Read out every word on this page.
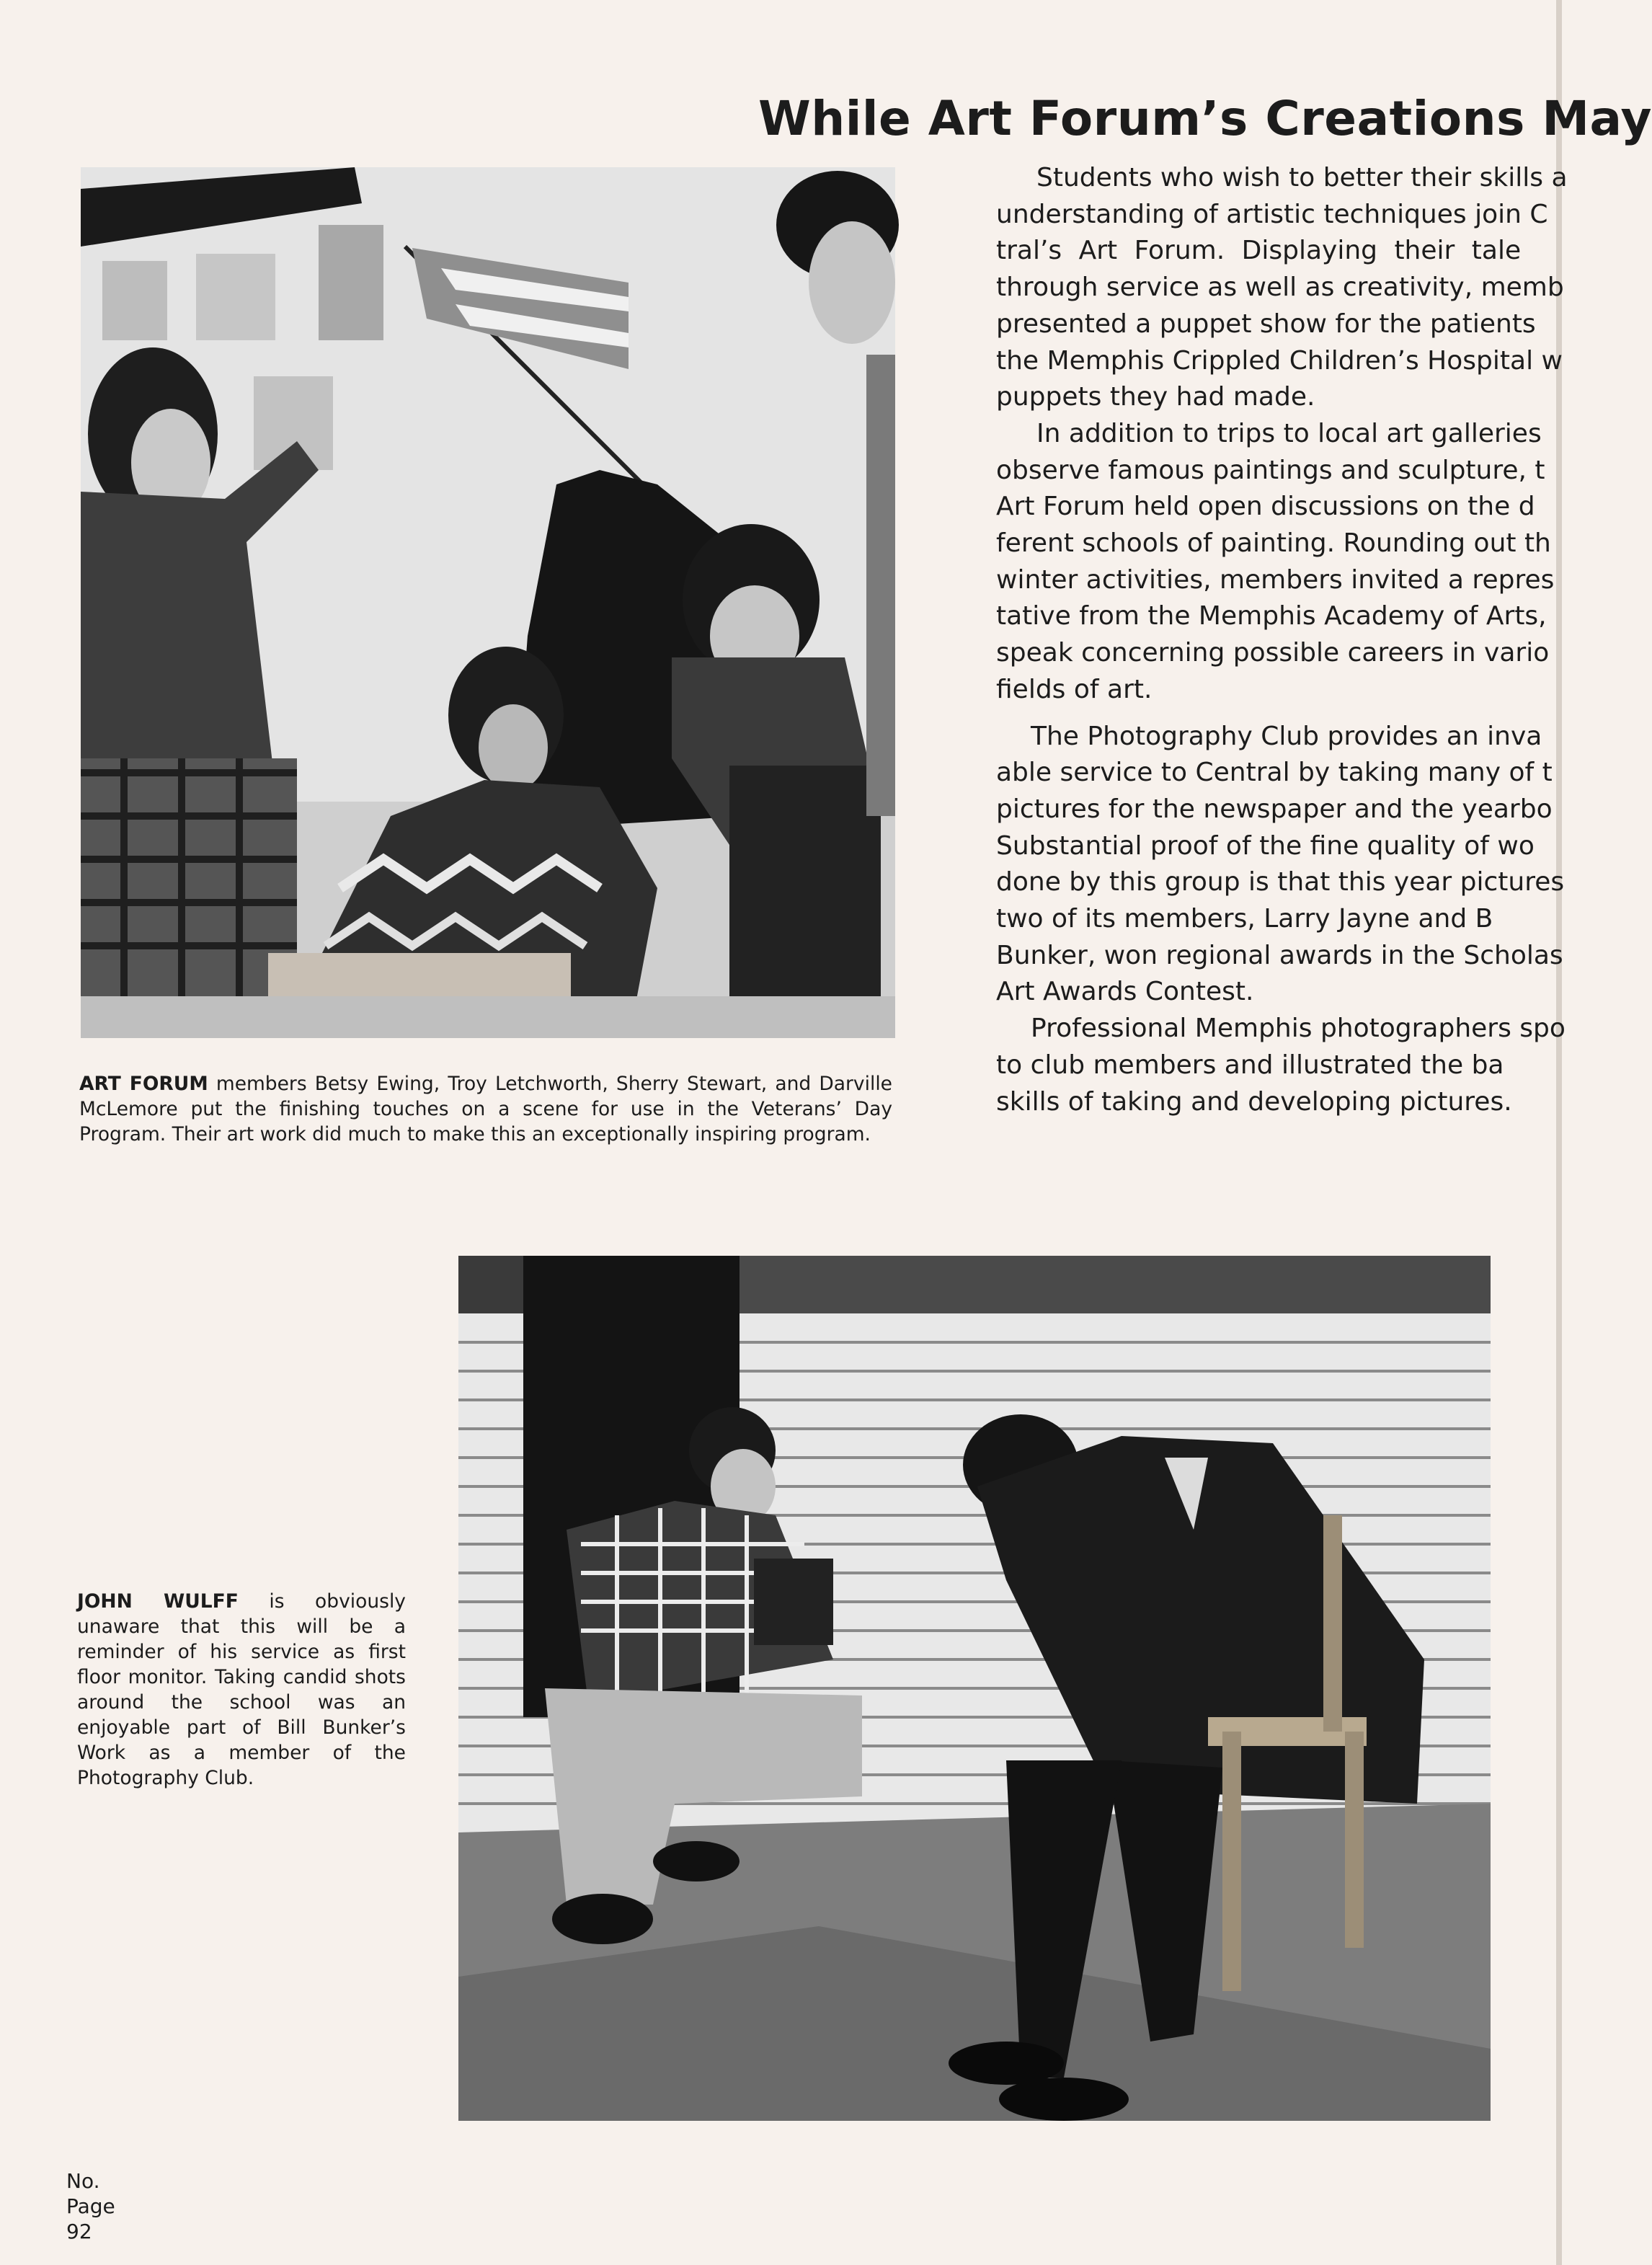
While Art Forum’s Creations May

ART FORUM members Betsy Ewing, Troy Letchworth, Sherry Stewart, and Darville McLemore put the finishing touches on a scene for use in the Veterans’ Day Program. Their art work did much to make this an exceptionally inspiring program.

Students who wish to better their skills a

understanding of artistic techniques join C

tral’s Art Forum. Displaying their tale

through service as well as creativity, memb

presented a puppet show for the patients

the Memphis Crippled Children’s Hospital w

puppets they had made.

In addition to trips to local art galleries

observe famous paintings and sculpture, t

Art Forum held open discussions on the d

ferent schools of painting. Rounding out th

winter activities, members invited a repres

tative from the Memphis Academy of Arts,

speak concerning possible careers in vario

fields of art.

The Photography Club provides an inva

able service to Central by taking many of t

pictures for the newspaper and the yearbo

Substantial proof of the fine quality of wo

done by this group is that this year pictures

two of its members, Larry Jayne and B

Bunker, won regional awards in the Scholas

Art Awards Contest.

Professional Memphis photographers spo

to club members and illustrated the ba

skills of taking and developing pictures.

JOHN WULFF is obviously unaware that this will be a reminder of his service as first floor monitor. Taking candid shots around the school was an enjoyable part of Bill Bunker’s Work as a member of the Photography Club.

No.
Page
92
